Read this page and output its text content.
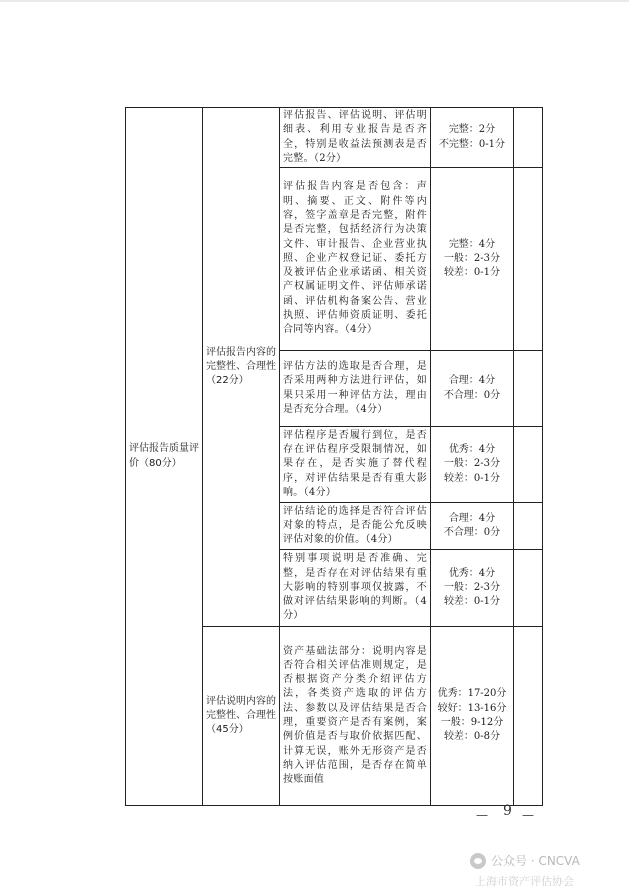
评估报告质量评价（80分）	评估报告内容的完整性、合理性（22分）	评估报告、评估说明、评估明细表、利用专业报告是否齐全，特别是收益法预测表是否完整。（2分）	完整：2分
不完整：0-1分	
		评估报告内容是否包含：声明、摘要、正文、附件等内容，签字盖章是否完整，附件是否完整，包括经济行为决策文件、审计报告、企业营业执照、企业产权登记证、委托方及被评估企业承诺函、相关资产权属证明文件、评估师承诺函、评估机构备案公告、营业执照、评估师资质证明、委托合同等内容。（4分）	完整：4分
一般：2-3分
较差：0-1分	
		评估方法的选取是否合理，是否采用两种方法进行评估，如果只采用一种评估方法，理由是否充分合理。（4分）	合理：4分
不合理：0分	
		评估程序是否履行到位，是否存在评估程序受限制情况，如果存在，是否实施了替代程序，对评估结果是否有重大影响。（4分）	优秀：4分
一般：2-3分
较差：0-1分	
		评估结论的选择是否符合评估对象的特点，是否能公允反映评估对象的价值。（4分）	合理：4分
不合理：0分	
		特别事项说明是否准确、完整，是否存在对评估结果有重大影响的特别事项仅披露，不做对评估结果影响的判断。（4分）	优秀：4分
一般：2-3分
较差：0-1分	
	评估说明内容的完整性、合理性（45分）	资产基础法部分：说明内容是否符合相关评估准则规定，是否根据资产分类介绍评估方法，各类资产选取的评估方法、参数以及评估结果是否合理，重要资产是否有案例，案例价值是否与取价依据匹配、计算无误，账外无形资产是否纳入评估范围，是否存在简单按账面值	优秀：17-20分
较好：13-16分
一般：9-12分
较差：0-8分	
— 9 —
公众号 · CNCVA
上海市资产评估协会
